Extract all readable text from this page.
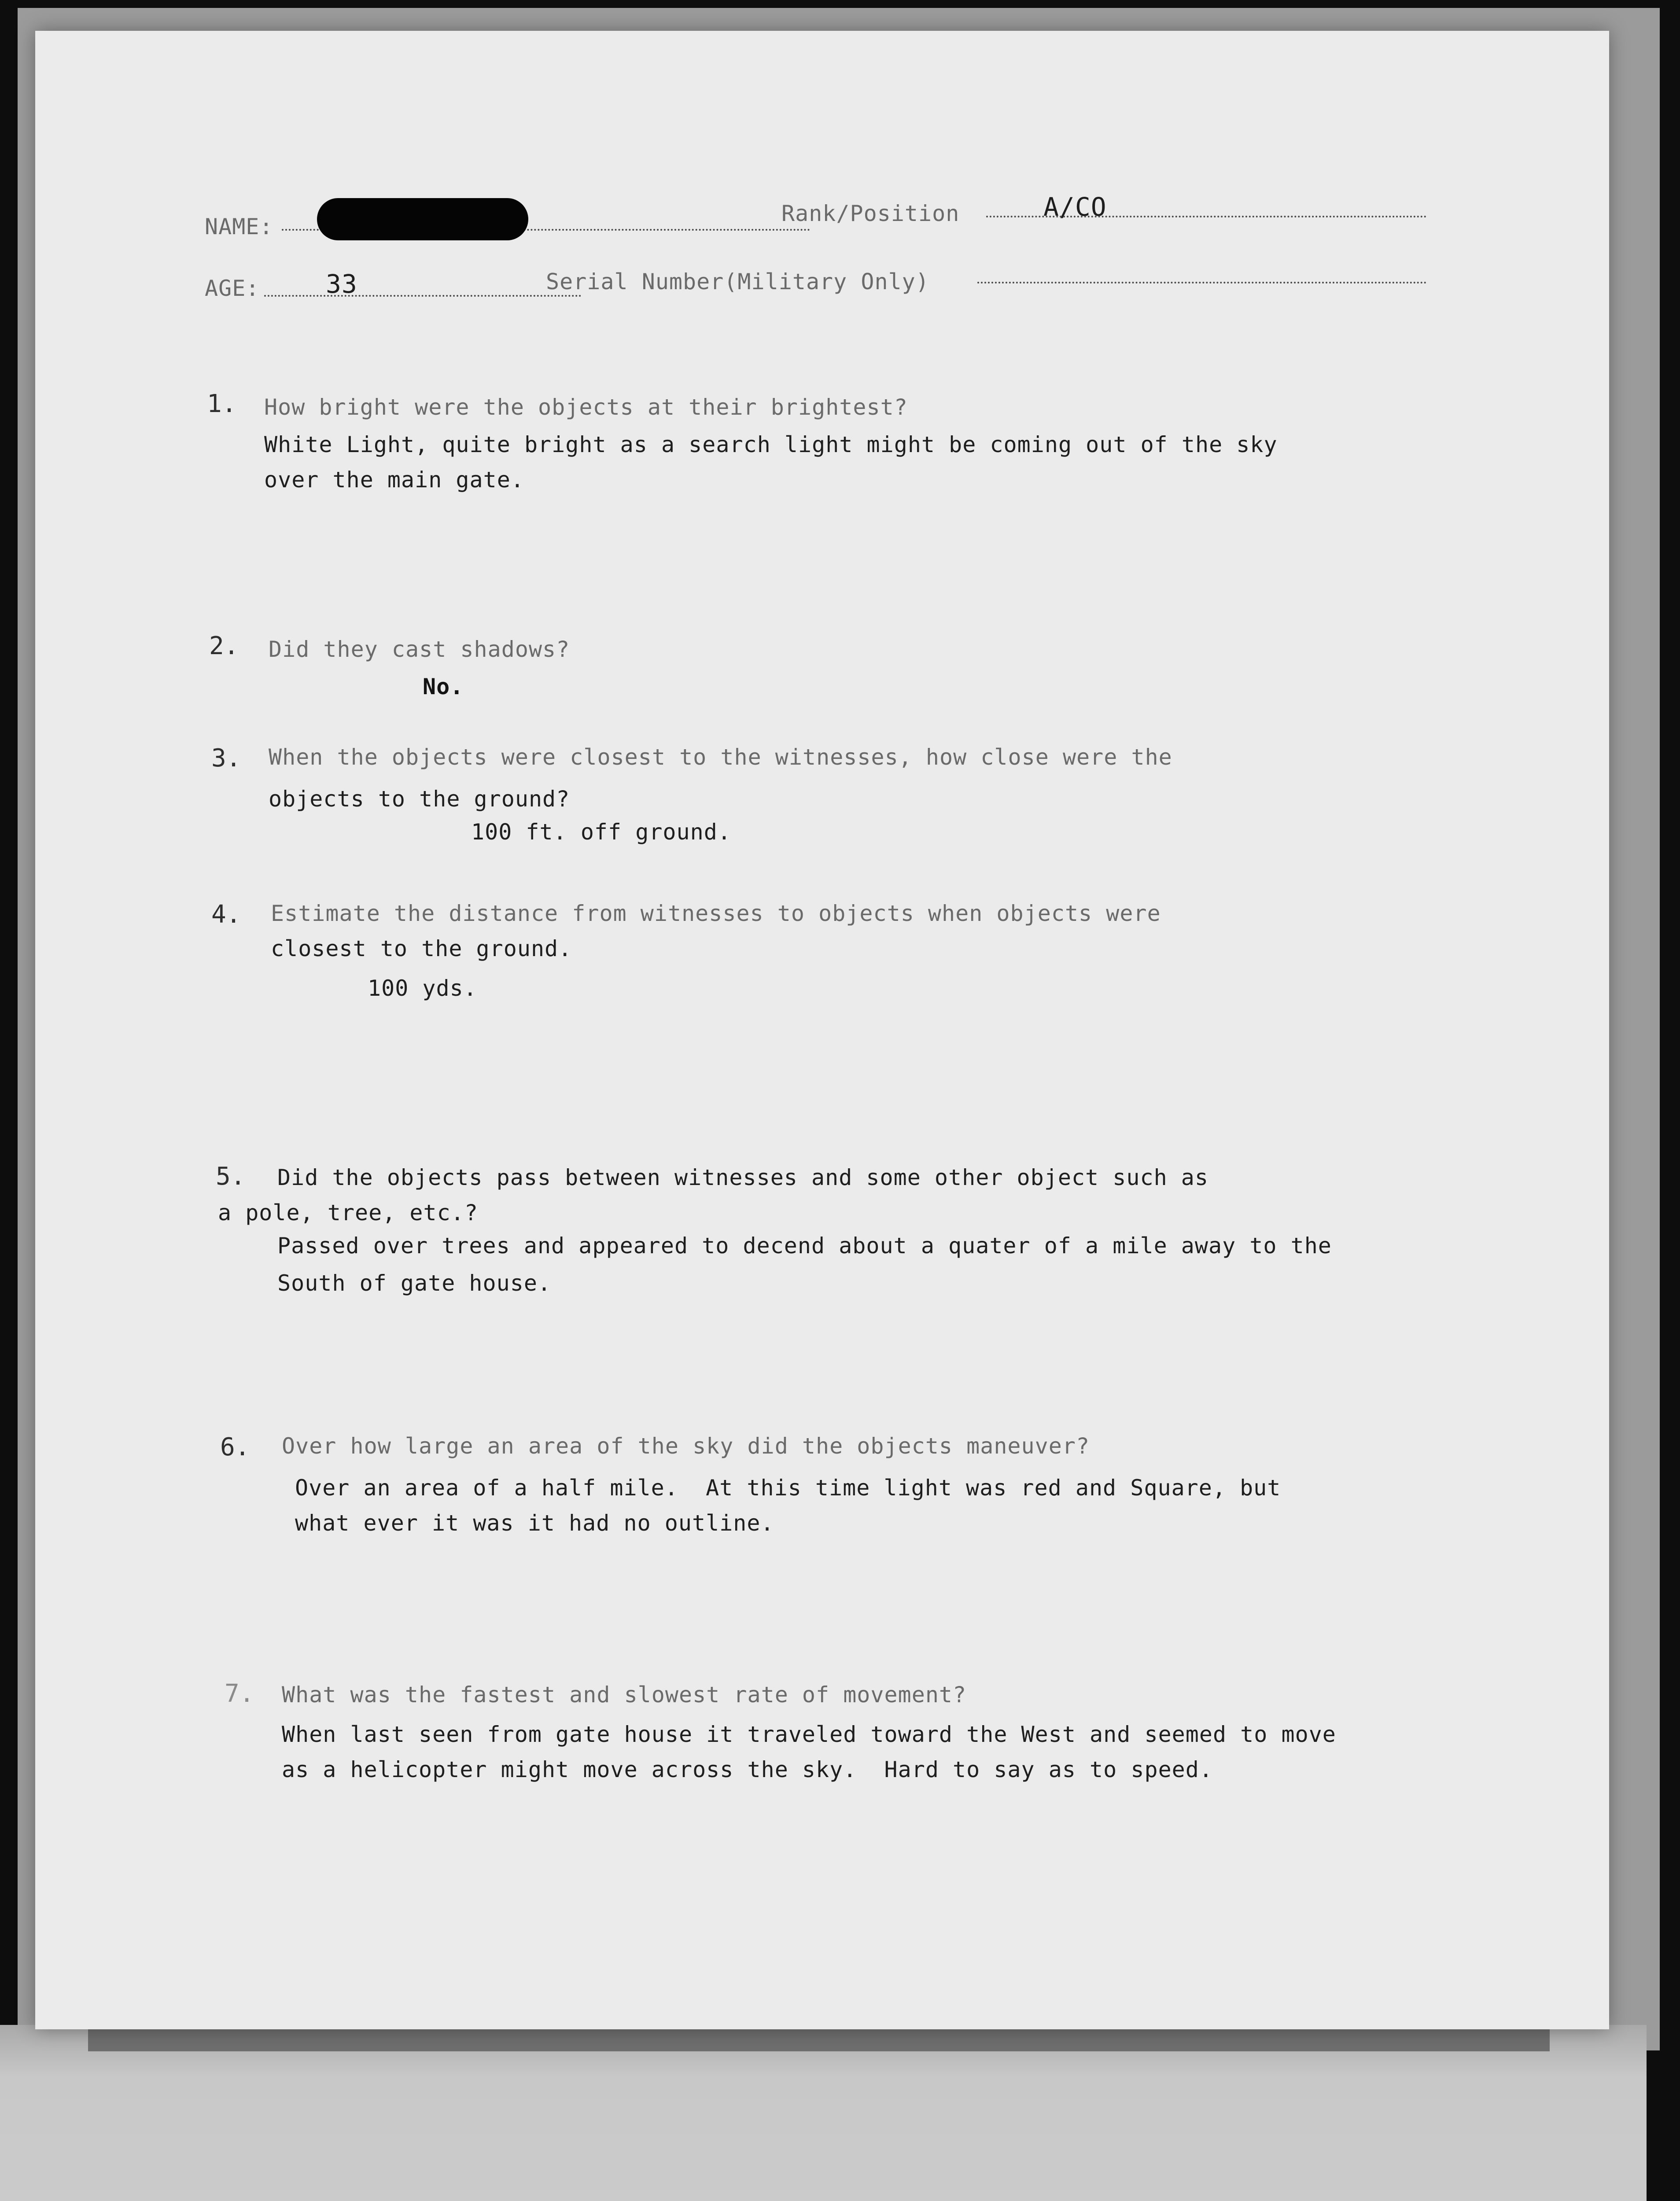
NAME:
Rank/Position	A/CO
AGE:	33	Serial Number(Military Only)
1. How bright were the objects at their brightest?
White Light, quite bright as a search light might be coming out of the sky
over the main gate.
2. Did they cast shadows?
No.
3. When the objects were closest to the witnesses, how close were the
objects to the ground?
100 ft. off ground.
4. Estimate the distance from witnesses to objects when objects were
closest to the ground.
100 yds.
5. Did the objects pass between witnesses and some other object such as
a pole, tree, etc.?
Passed over trees and appeared to decend about a quater of a mile away to the
South of gate house.
6. Over how large an area of the sky did the objects maneuver?
Over an area of a half mile.  At this time light was red and Square, but
what ever it was it had no outline.
7. What was the fastest and slowest rate of movement?
When last seen from gate house it traveled toward the West and seemed to move
as a helicopter might move across the sky.  Hard to say as to speed.
